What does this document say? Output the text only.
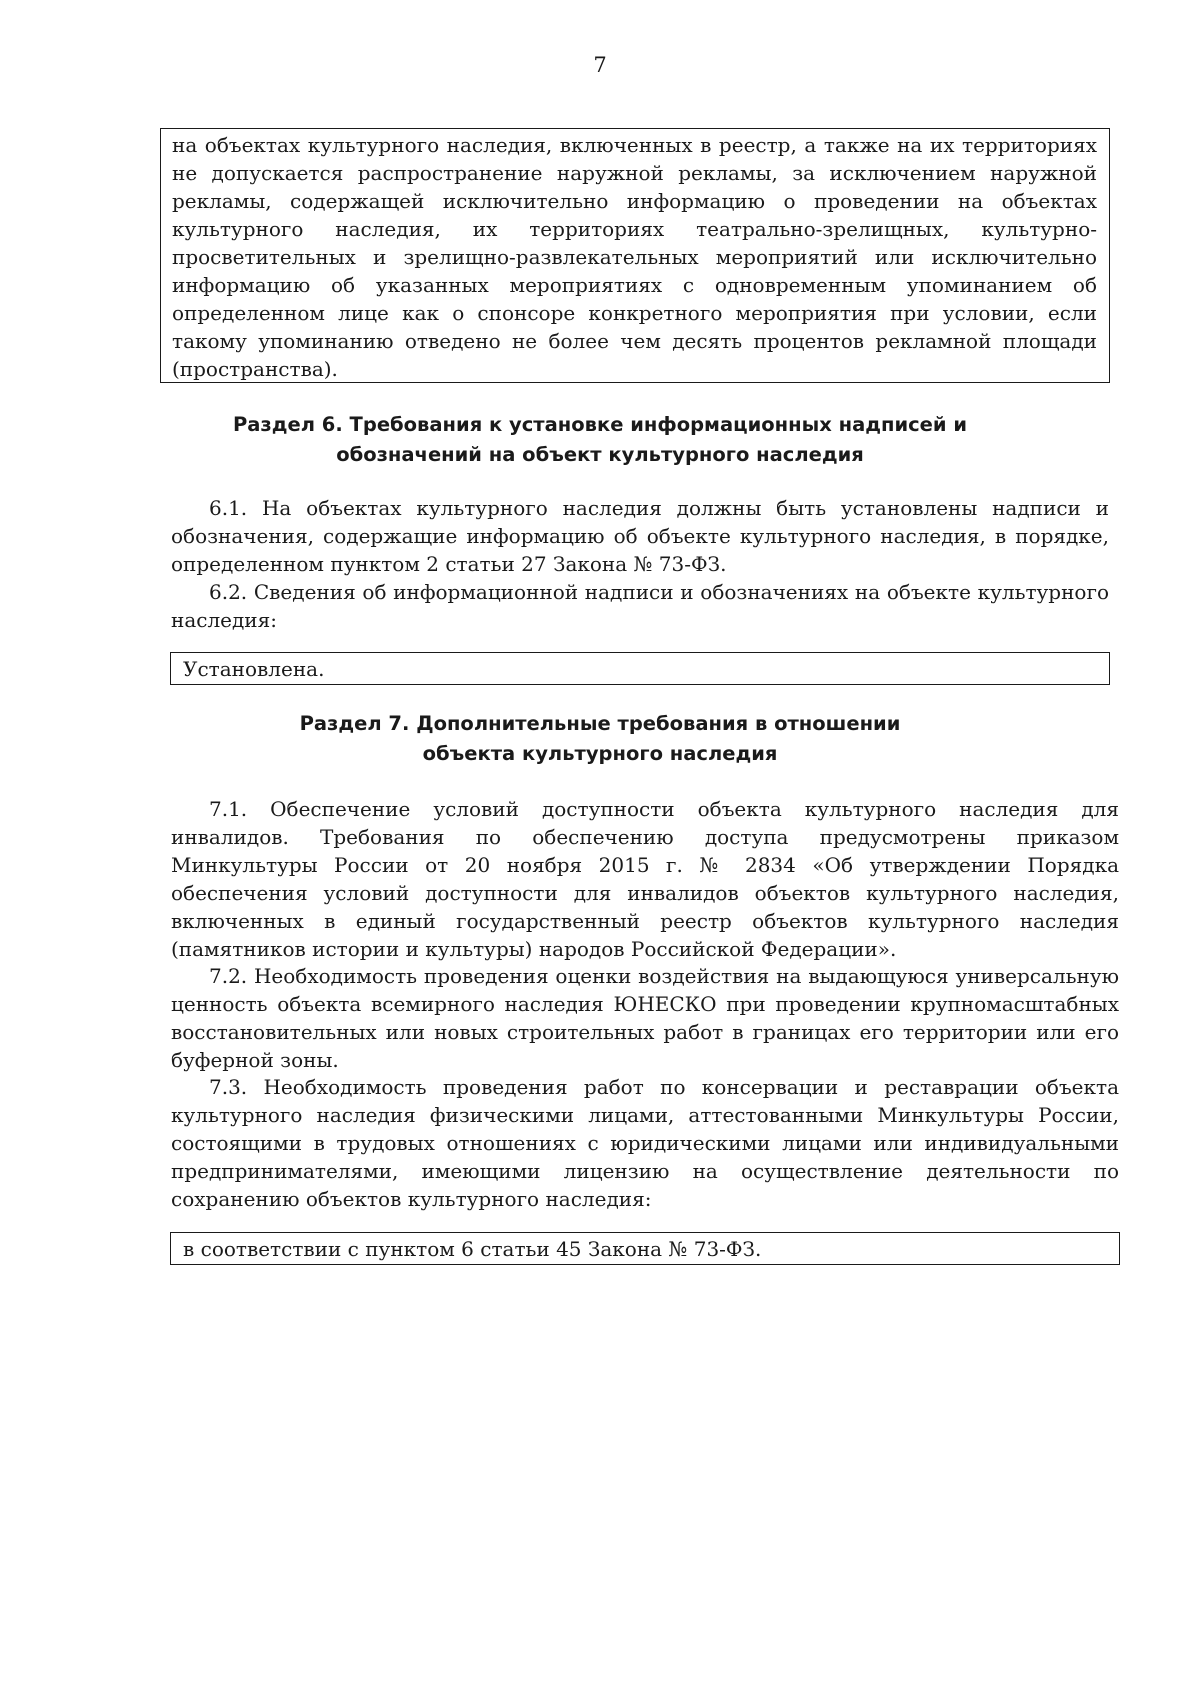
7

на объектах культурного наследия, включенных в реестр, а также на их территориях не допускается распространение наружной рекламы, за исключением наружной рекламы, содержащей исключительно информацию о проведении на объектах культурного наследия, их территориях театрально-зрелищных, культурно-просветительных и зрелищно-развлекательных мероприятий или исключительно информацию об указанных мероприятиях с одновременным упоминанием об определенном лице как о спонсоре конкретного мероприятия при условии, если такому упоминанию отведено не более чем десять процентов рекламной площади (пространства).

Раздел 6. Требования к установке информационных надписей и
обозначений на объект культурного наследия

6.1. На объектах культурного наследия должны быть установлены надписи и обозначения, содержащие информацию об объекте культурного наследия, в порядке, определенном пунктом 2 статьи 27 Закона № 73-ФЗ.

6.2. Сведения об информационной надписи и обозначениях на объекте культурного наследия:

Установлена.
Раздел 7. Дополнительные требования в отношении
объекта культурного наследия

7.1. Обеспечение условий доступности объекта культурного наследия для инвалидов. Требования по обеспечению доступа предусмотрены приказом Минкультуры России от 20 ноября 2015 г. № 2834 «Об утверждении Порядка обеспечения условий доступности для инвалидов объектов культурного наследия, включенных в единый государственный реестр объектов культурного наследия (памятников истории и культуры) народов Российской Федерации».

7.2. Необходимость проведения оценки воздействия на выдающуюся универсальную ценность объекта всемирного наследия ЮНЕСКО при проведении крупномасштабных восстановительных или новых строительных работ в границах его территории или его буферной зоны.

7.3. Необходимость проведения работ по консервации и реставрации объекта культурного наследия физическими лицами, аттестованными Минкультуры России, состоящими в трудовых отношениях с юридическими лицами или индивидуальными предпринимателями, имеющими лицензию на осуществление деятельности по сохранению объектов культурного наследия:

в соответствии с пунктом 6 статьи 45 Закона № 73-ФЗ.
